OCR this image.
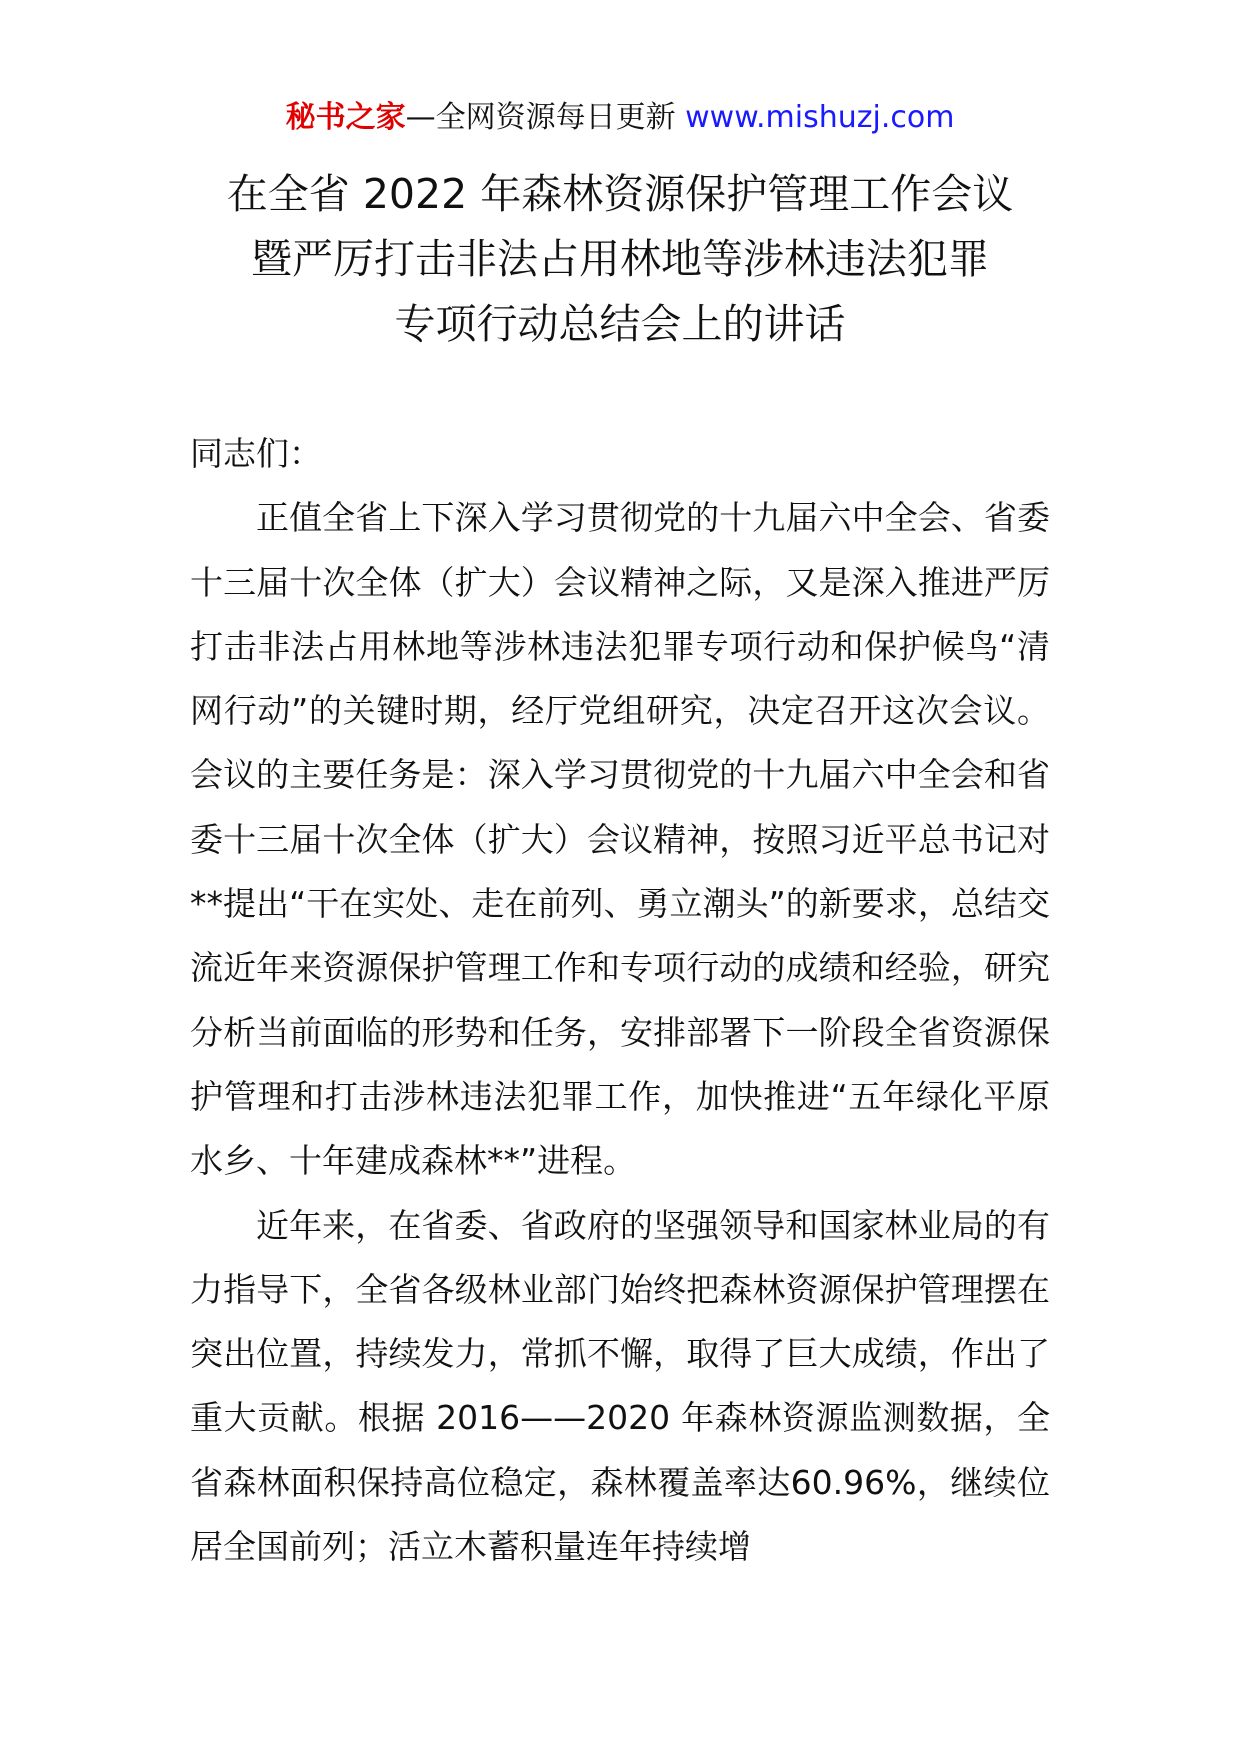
秘书之家—全网资源每日更新 www.mishuzj.com
在全省 2022 年森林资源保护管理工作会议
暨严厉打击非法占用林地等涉林违法犯罪
专项行动总结会上的讲话

同志们：

正值全省上下深入学习贯彻党的十九届六中全会、省委十三届十次全体（扩大）会议精神之际，又是深入推进严厉打击非法占用林地等涉林违法犯罪专项行动和保护候鸟“清网行动”的关键时期，经厅党组研究，决定召开这次会议。会议的主要任务是：深入学习贯彻党的十九届六中全会和省委十三届十次全体（扩大）会议精神，按照习近平总书记对**提出“干在实处、走在前列、勇立潮头”的新要求，总结交流近年来资源保护管理工作和专项行动的成绩和经验，研究分析当前面临的形势和任务，安排部署下一阶段全省资源保护管理和打击涉林违法犯罪工作，加快推进“五年绿化平原水乡、十年建成森林**”进程。

近年来，在省委、省政府的坚强领导和国家林业局的有力指导下，全省各级林业部门始终把森林资源保护管理摆在突出位置，持续发力，常抓不懈，取得了巨大成绩，作出了重大贡献。根据 2016——2020 年森林资源监测数据，全省森林面积保持高位稳定，森林覆盖率达60.96%，继续位居全国前列；活立木蓄积量连年持续增
